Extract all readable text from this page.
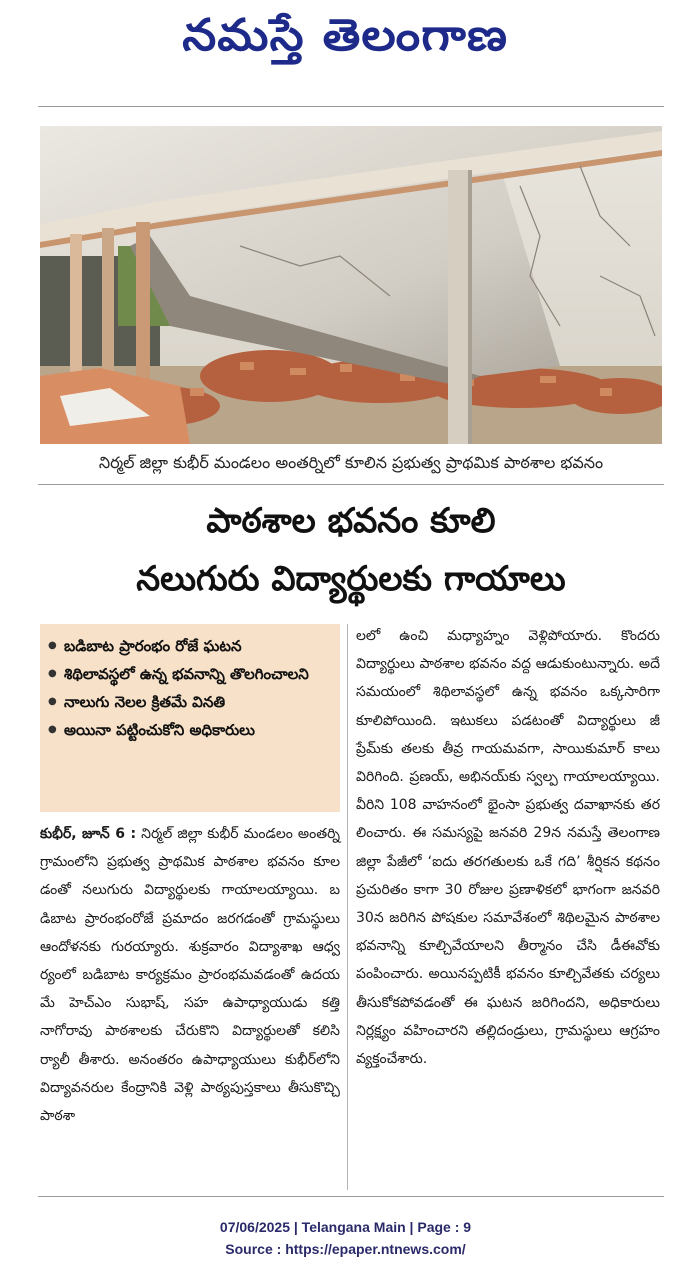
నమస్తే తెలంగాణ
నిర్మల్ జిల్లా కుభీర్ మండలం అంతర్నిలో కూలిన ప్రభుత్వ ప్రాథమిక పాఠశాల భవనం
పాఠశాల భవనం కూలి
నలుగురు విద్యార్థులకు గాయాలు
● బడిబాట ప్రారంభం రోజే ఘటన
● శిథిలావస్థలో ఉన్న భవనాన్ని తొలగించాలని
● నాలుగు నెలల క్రితమే వినతి
● అయినా పట్టించుకోని అధికారులు
కుభీర్, జూన్ 6 : నిర్మల్ జిల్లా కుభీర్ మండలం అంతర్ని గ్రామంలోని ప్రభుత్వ ప్రాథమిక పాఠశాల భవనం కూలడంతో నలుగురు విద్యార్థులకు గాయాలయ్యాయి. బడిబాట ప్రారంభంరోజే ప్రమాదం జరగడంతో గ్రామస్థులు ఆందోళనకు గురయ్యారు. శుక్రవారం విద్యాశాఖ ఆధ్వర్యంలో బడిబాట కార్యక్రమం ప్రారంభమవడంతో ఉదయమే హెచ్ఎం సుభాష్, సహ ఉపాధ్యాయుడు కత్తి నాగోరావు పాఠశాలకు చేరుకొని విద్యార్థులతో కలిసి ర్యాలీ తీశారు. అనంతరం ఉపాధ్యాయులు కుభీర్‌లోని విద్యావనరుల కేంద్రానికి వెళ్లి పాఠ్యపుస్తకాలు తీసుకొచ్చి పాఠశా
లలో ఉంచి మధ్యాహ్నం వెళ్లిపోయారు. కొందరు విద్యార్థులు పాఠశాల భవనం వద్ద ఆడుకుంటున్నారు. అదే సమయంలో శిథిలావస్థలో ఉన్న భవనం ఒక్కసారిగా కూలిపోయింది. ఇటుకలు పడటంతో విద్యార్థులు జీ ప్రేమ్‌కు తలకు తీవ్ర గాయమవగా, సాయికుమార్ కాలు విరిగింది. ప్రణయ్, అభినయ్‌కు స్వల్ప గాయాలయ్యాయి. వీరిని 108 వాహనంలో భైంసా ప్రభుత్వ దవాఖానకు తరలించారు. ఈ సమస్యపై జనవరి 29న నమస్తే తెలంగాణ జిల్లా పేజీలో ‘ఐదు తరగతులకు ఒకే గది’ శీర్షికన కథనం ప్రచురితం కాగా 30 రోజుల ప్రణాళికలో భాగంగా జనవరి 30న జరిగిన పోషకుల సమావేశంలో శిథిలమైన పాఠశాల భవనాన్ని కూల్చివేయాలని తీర్మానం చేసి డీఈవోకు పంపించారు. అయినప్పటికీ భవనం కూల్చివేతకు చర్యలు తీసుకోకపోవడంతో ఈ ఘటన జరిగిందని, అధికారులు నిర్లక్ష్యం వహించారని తల్లిదండ్రులు, గ్రామస్థులు ఆగ్రహం వ్యక్తంచేశారు.
07/06/2025 | Telangana Main | Page : 9
Source : https://epaper.ntnews.com/
